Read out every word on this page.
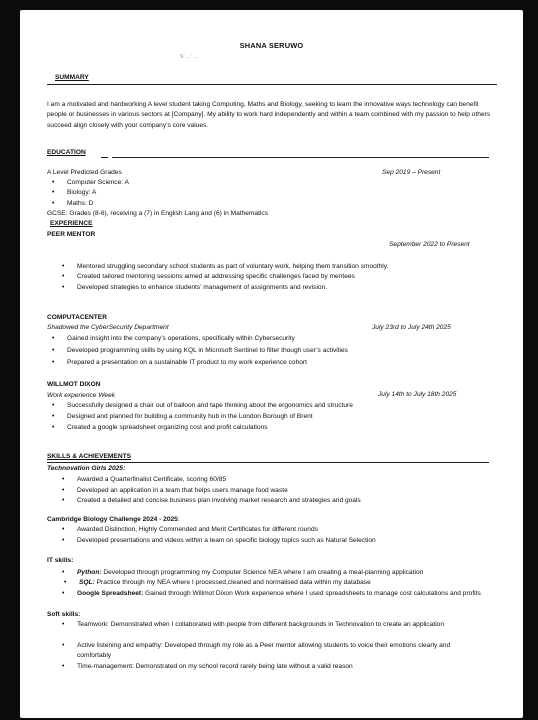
SHANA SERUWO
S’ …’ …
SUMMARY
I am a motivated and hardworking A level student taking Computing, Maths and Biology, seeking to learn the innovative ways technology can benefit people or businesses in various sectors at [Company]. My ability to work hard independently and within a team combined with my passion to help others succeed align closely with your company’s core values.
EDUCATION
A Level Predicted Grades	Sep 2019 – Present
• Computer Science: A
• Biology: A
• Maths: D
GCSE: Grades (8-6), receiving a (7) in English Lang and (6) in Mathematics
EXPERIENCE
PEER MENTOR
September 2022 to Present
• Mentored struggling secondary school students as part of voluntary work, helping them transition smoothly.
• Created tailored mentoring sessions aimed at addressing specific challenges faced by mentees
• Developed strategies to enhance students’ management of assignments and revision.
COMPUTACENTER
Shadowed the CyberSecurity Department	July 23rd to July 24th 2025
• Gained insight into the company’s operations, specifically within Cybersecurity
• Developed programming skills by using KQL in Microsoft Sentinel to filter though user’s activities
• Prepared a presentation on a sustainable IT product to my work experience cohort
WILLMOT DIXON
Work experience Week	July 14th to July 18th 2025
• Successfully designed a chair out of balloon and tape thinking about the ergonomics and structure
• Designed and planned for building a community hub in the London Borough of Brent
• Created a google spreadsheet organizing cost and profit calculations
SKILLS & ACHIEVEMENTS
Technovation Girls 2025:
• Awarded a Quarterfinalist Certificate, scoring 60/85
• Developed an application in a team that helps users manage food waste
• Created a detailed and concise business plan involving market research and strategies and goals
Cambridge Biology Challenge 2024 - 2025:
• Awarded Distinction, Highly Commended and Merit Certificates for different rounds
• Developed presentations and videos within a team on specific biology topics such as Natural Selection
IT skills:
• Python: Developed through programming my Computer Science NEA where I am creating a meal-planning application
• SQL: Practice through my NEA where I processed,cleaned and normalised data within my database
• Google Spreadsheet: Gained through Willmot Dixon Work experience where I used spreadsheets to manage cost calculations and profits
Soft skills:
• Teamwork: Demonstrated when I collaborated with people from different backgrounds in Technovation to create an application
• Active listening and empathy: Developed through my role as a Peer mentor allowing students to voice their emotions clearly and comfortably
• Time-management: Demonstrated on my school record rarely being late without a valid reason
